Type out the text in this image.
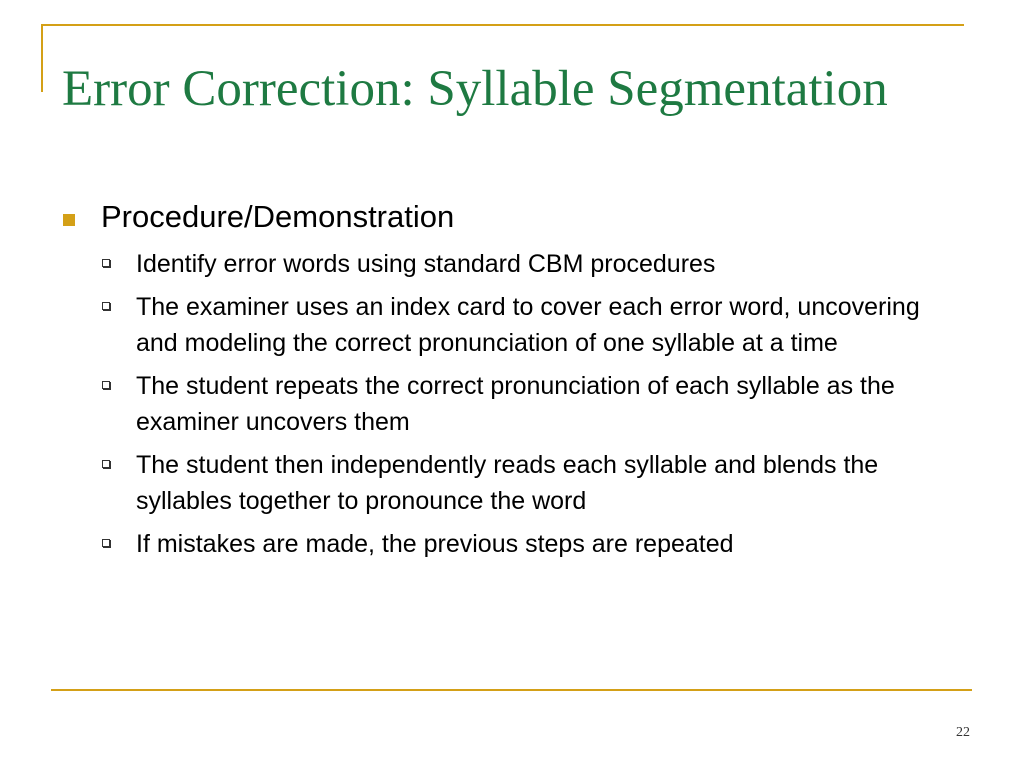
Error Correction: Syllable Segmentation
Procedure/Demonstration
Identify error words using standard CBM procedures
The examiner uses an index card to cover each error word, uncovering and modeling the correct pronunciation of one syllable at a time
The student repeats the correct pronunciation of each syllable as the examiner uncovers them
The student then independently reads each syllable and blends the syllables together to pronounce the word
If mistakes are made, the previous steps are repeated
22
